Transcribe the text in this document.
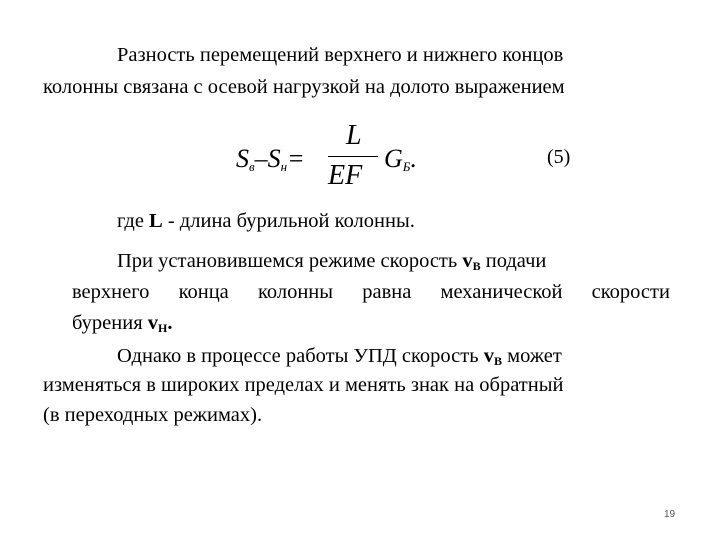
Разность перемещений верхнего и нижнего концов
колонны связана с осевой нагрузкой на долото выражением
$S_в-S_н=$
L
EF
$G_Б$.	(5)
где L - длина бурильной колонны.
При установившемся режиме скорость vВ подачи
верхнего конца колонны равна механической скорости
бурения vН.
Однако в процессе работы УПД скорость vВ может
изменяться в широких пределах и менять знак на обратный
(в переходных режимах).
19
